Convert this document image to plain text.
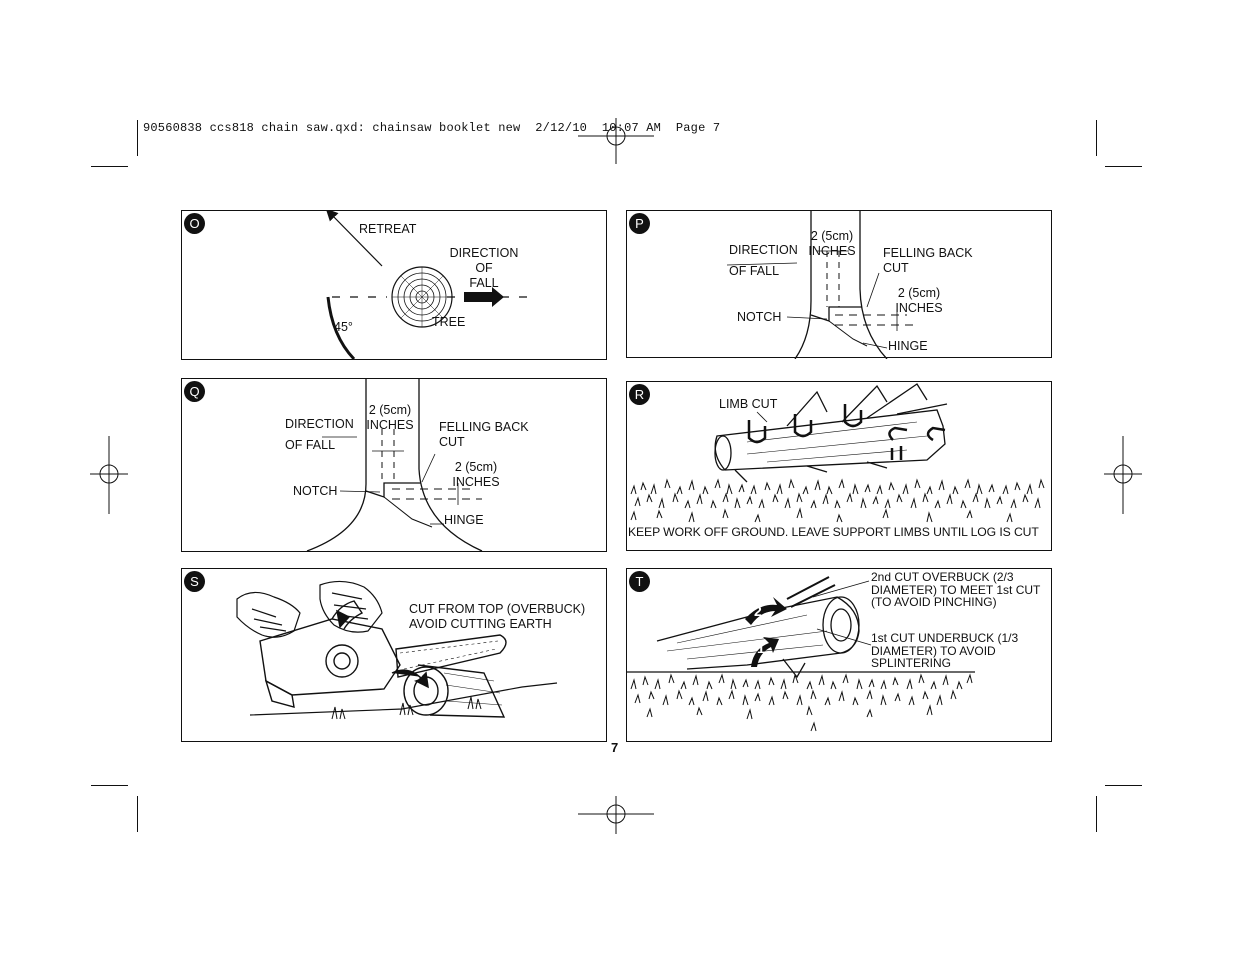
90560838 ccs818 chain saw.qxd: chainsaw booklet new  2/12/10  10:07 AM  Page 7
O	RETREAT
DIRECTION
OF
FALL
45°	TREE
P
DIRECTION
OF FALL
2 (5cm)
INCHES FELLING BACK
CUT
2 (5cm)
INCHES
NOTCH
HINGE
Q
DIRECTION
OF FALL
2 (5cm)
INCHES FELLING BACK
CUT
2 (5cm)
INCHES
NOTCH
HINGE
R
LIMB CUT
KEEP WORK OFF GROUND. LEAVE SUPPORT LIMBS UNTIL LOG IS CUT
S
CUT FROM TOP (OVERBUCK)
AVOID CUTTING EARTH
T
2
1
2nd CUT OVERBUCK (2/3
DIAMETER) TO MEET 1st CUT
(TO AVOID PINCHING)
1st CUT UNDERBUCK (1/3
DIAMETER) TO AVOID
SPLINTERING
7
